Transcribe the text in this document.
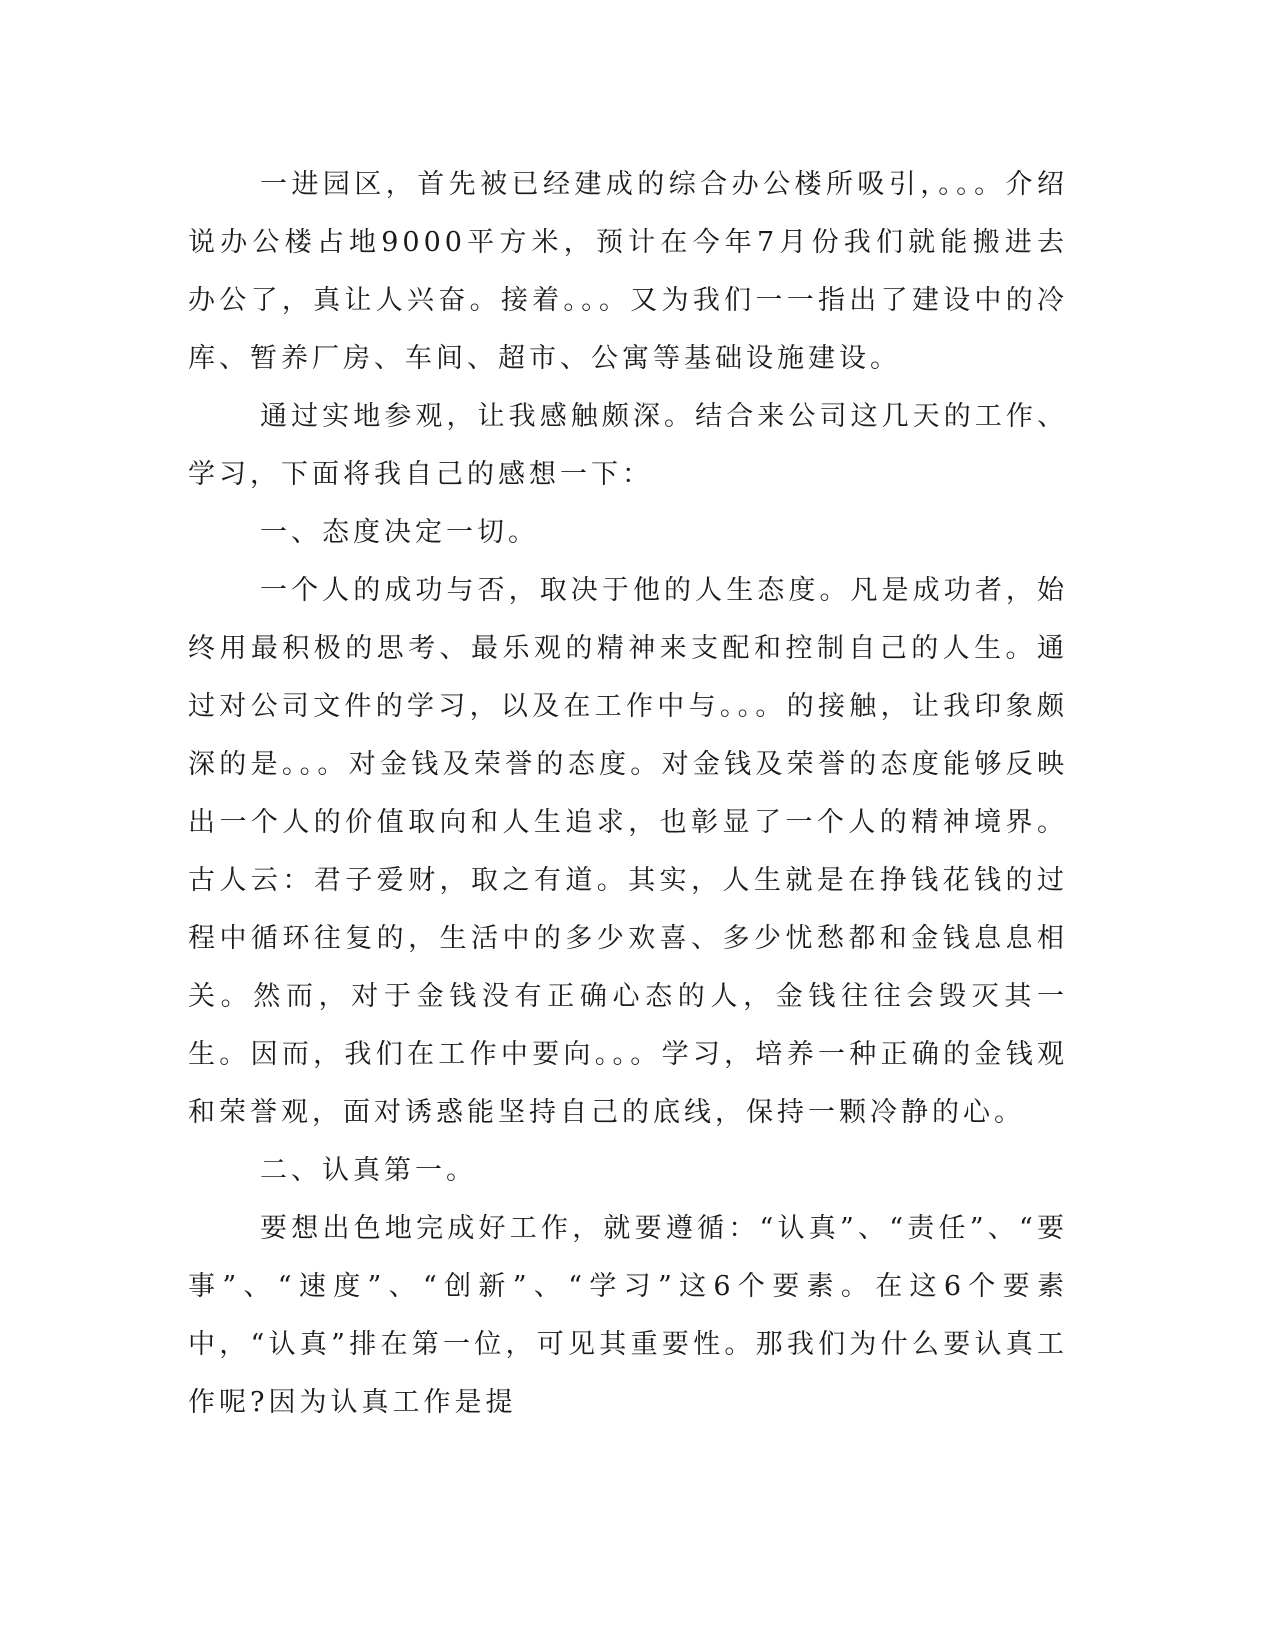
一进园区，首先被已经建成的综合办公楼所吸引，。。。介绍说办公楼占地9000平方米，预计在今年7月份我们就能搬进去办公了，真让人兴奋。接着。。。又为我们一一指出了建设中的冷库、暂养厂房、车间、超市、公寓等基础设施建设。

通过实地参观，让我感触颇深。结合来公司这几天的工作、学习，下面将我自己的感想一下：

一、态度决定一切。

一个人的成功与否，取决于他的人生态度。凡是成功者，始终用最积极的思考、最乐观的精神来支配和控制自己的人生。通过对公司文件的学习，以及在工作中与。。。的接触，让我印象颇深的是。。。对金钱及荣誉的态度。对金钱及荣誉的态度能够反映出一个人的价值取向和人生追求，也彰显了一个人的精神境界。古人云：君子爱财，取之有道。其实，人生就是在挣钱花钱的过程中循环往复的，生活中的多少欢喜、多少忧愁都和金钱息息相关。然而，对于金钱没有正确心态的人，金钱往往会毁灭其一生。因而，我们在工作中要向。。。学习，培养一种正确的金钱观和荣誉观，面对诱惑能坚持自己的底线，保持一颗冷静的心。

二、认真第一。

要想出色地完成好工作，就要遵循：“认真”、“责任”、“要事”、“速度”、“创新”、“学习”这6个要素。在这6个要素中，“认真”排在第一位，可见其重要性。那我们为什么要认真工作呢?因为认真工作是提
